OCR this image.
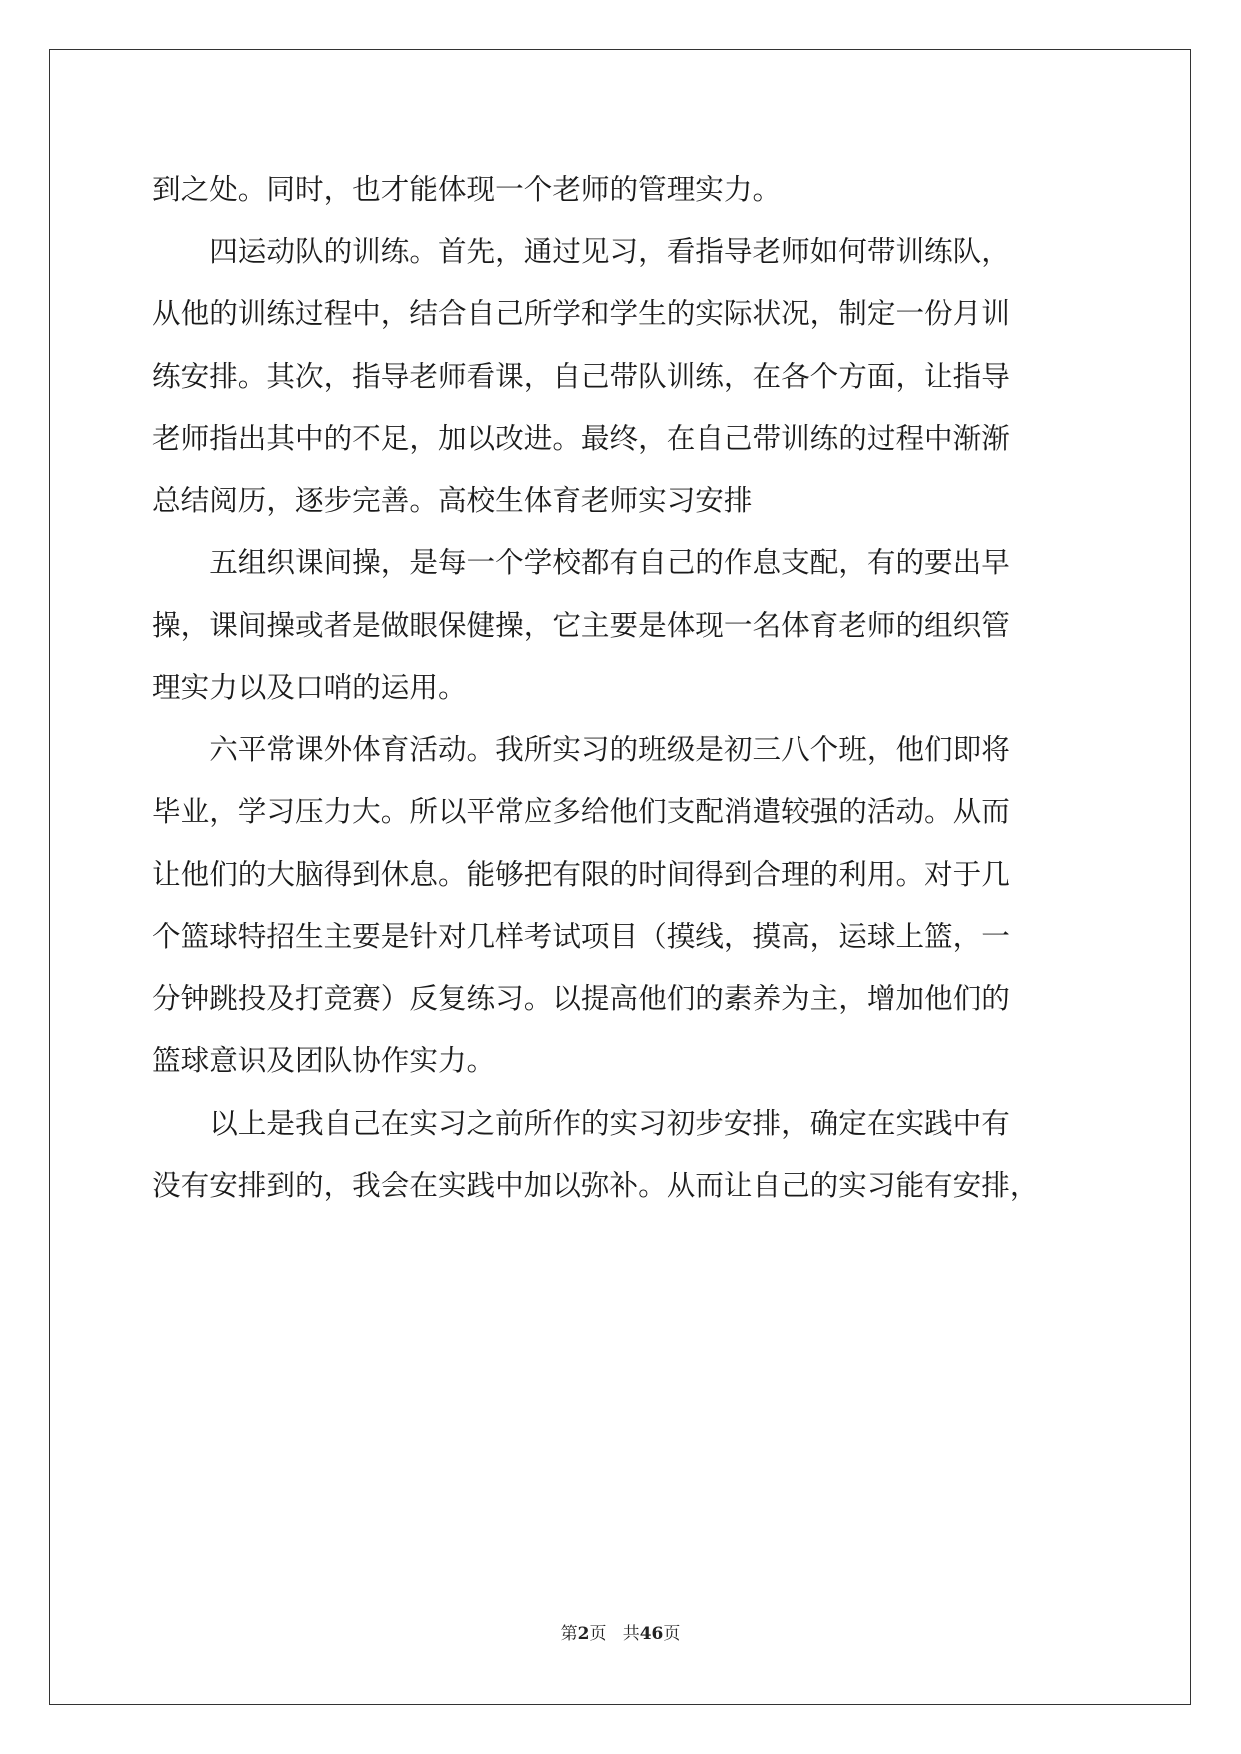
到之处。同时，也才能体现一个老师的管理实力。
　　四运动队的训练。首先，通过见习，看指导老师如何带训练队，
从他的训练过程中，结合自己所学和学生的实际状况，制定一份月训
练安排。其次，指导老师看课，自己带队训练，在各个方面，让指导
老师指出其中的不足，加以改进。最终，在自己带训练的过程中渐渐
总结阅历，逐步完善。高校生体育老师实习安排
　　五组织课间操，是每一个学校都有自己的作息支配，有的要出早
操，课间操或者是做眼保健操，它主要是体现一名体育老师的组织管
理实力以及口哨的运用。
　　六平常课外体育活动。我所实习的班级是初三八个班，他们即将
毕业，学习压力大。所以平常应多给他们支配消遣较强的活动。从而
让他们的大脑得到休息。能够把有限的时间得到合理的利用。对于几
个篮球特招生主要是针对几样考试项目（摸线，摸高，运球上篮，一
分钟跳投及打竞赛）反复练习。以提高他们的素养为主，增加他们的
篮球意识及团队协作实力。
　　以上是我自己在实习之前所作的实习初步安排，确定在实践中有
没有安排到的，我会在实践中加以弥补。从而让自己的实习能有安排，
第2页 共46页
